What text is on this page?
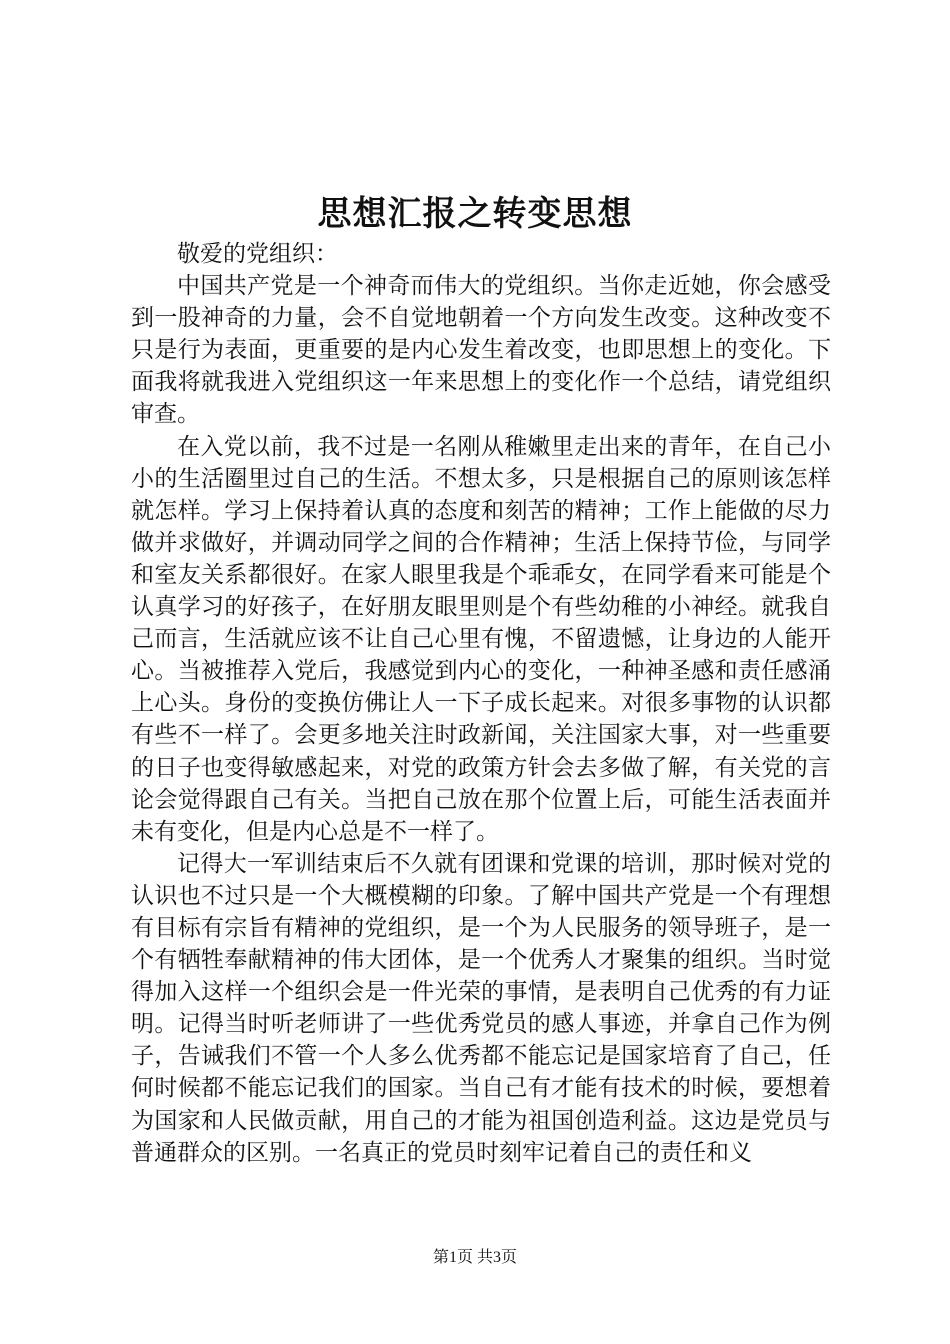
思想汇报之转变思想

敬爱的党组织：

中国共产党是一个神奇而伟大的党组织。当你走近她，你会感受到一股神奇的力量，会不自觉地朝着一个方向发生改变。这种改变不只是行为表面，更重要的是内心发生着改变，也即思想上的变化。下面我将就我进入党组织这一年来思想上的变化作一个总结，请党组织审查。

在入党以前，我不过是一名刚从稚嫩里走出来的青年，在自己小小的生活圈里过自己的生活。不想太多，只是根据自己的原则该怎样就怎样。学习上保持着认真的态度和刻苦的精神；工作上能做的尽力做并求做好，并调动同学之间的合作精神；生活上保持节俭，与同学和室友关系都很好。在家人眼里我是个乖乖女，在同学看来可能是个认真学习的好孩子，在好朋友眼里则是个有些幼稚的小神经。就我自己而言，生活就应该不让自己心里有愧，不留遗憾，让身边的人能开心。当被推荐入党后，我感觉到内心的变化，一种神圣感和责任感涌上心头。身份的变换仿佛让人一下子成长起来。对很多事物的认识都有些不一样了。会更多地关注时政新闻，关注国家大事，对一些重要的日子也变得敏感起来，对党的政策方针会去多做了解，有关党的言论会觉得跟自己有关。当把自己放在那个位置上后，可能生活表面并未有变化，但是内心总是不一样了。

记得大一军训结束后不久就有团课和党课的培训，那时候对党的认识也不过只是一个大概模糊的印象。了解中国共产党是一个有理想有目标有宗旨有精神的党组织，是一个为人民服务的领导班子，是一个有牺牲奉献精神的伟大团体，是一个优秀人才聚集的组织。当时觉得加入这样一个组织会是一件光荣的事情，是表明自己优秀的有力证明。记得当时听老师讲了一些优秀党员的感人事迹，并拿自己作为例子，告诫我们不管一个人多么优秀都不能忘记是国家培育了自己，任何时候都不能忘记我们的国家。当自己有才能有技术的时候，要想着为国家和人民做贡献，用自己的才能为祖国创造利益。这边是党员与普通群众的区别。一名真正的党员时刻牢记着自己的责任和义

第1页 共3页
